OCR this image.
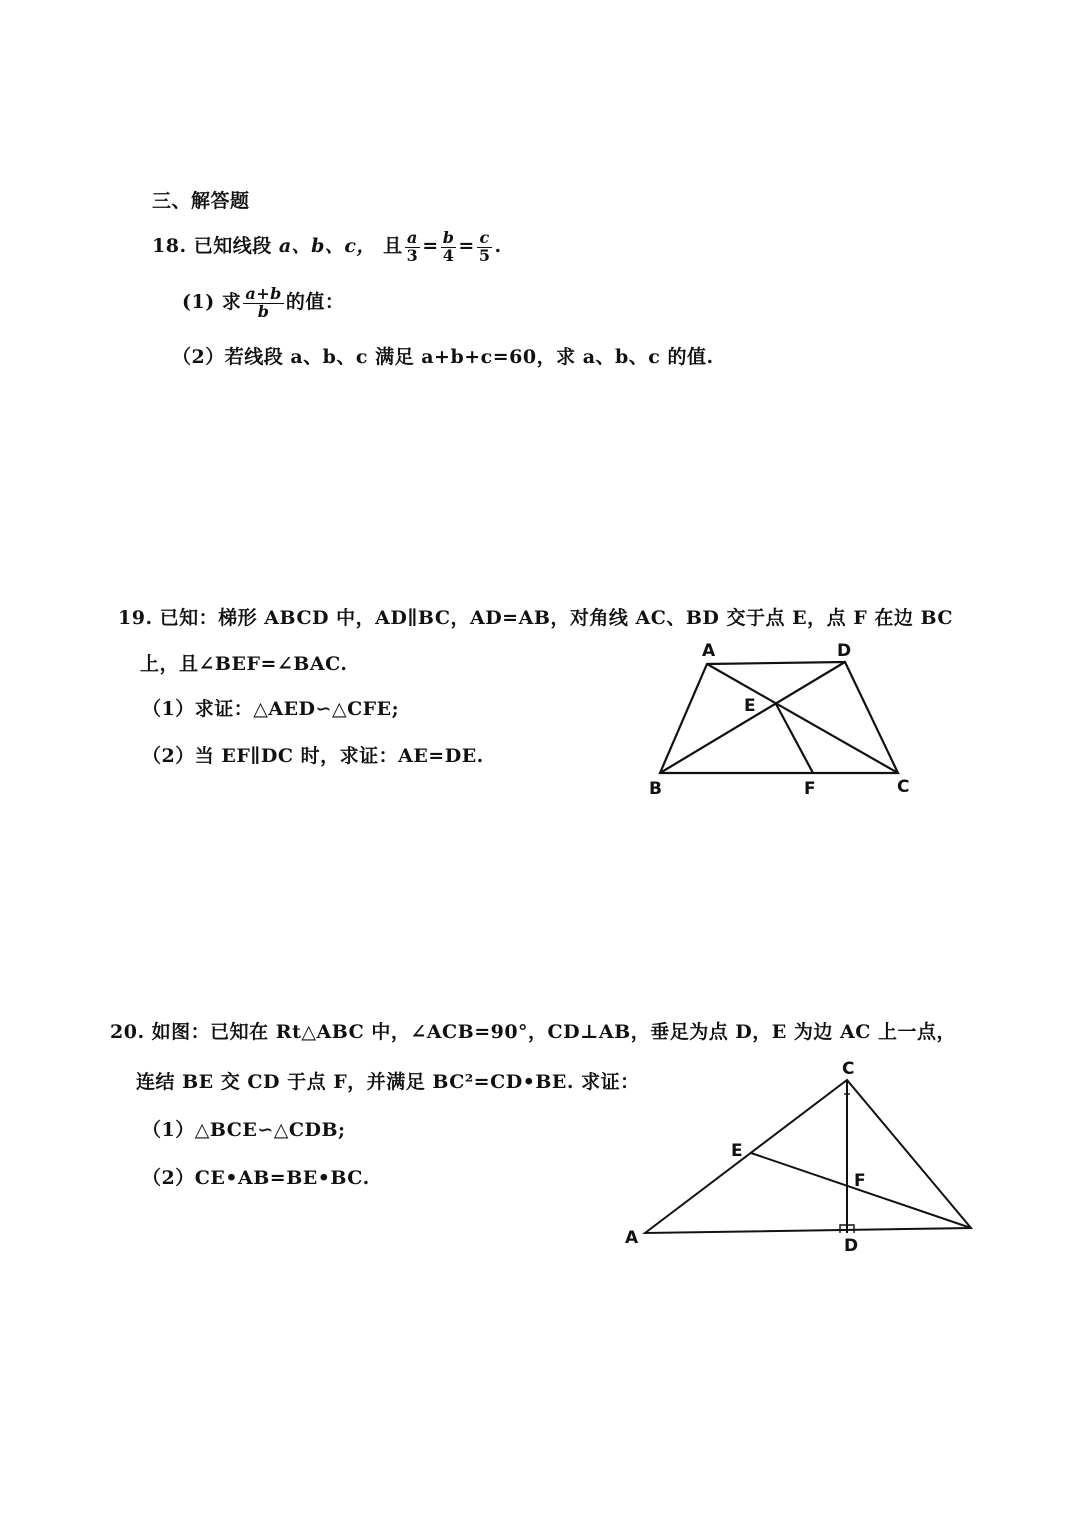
三、解答题
18. 已知线段 a、b、c， 且 $\frac{a}{3} = \frac{b}{4} = \frac{c}{5}$ .
(1) 求 $\frac{a+b}{b}$ 的值：
（2）若线段 a、b、c 满足 a+b+c=60，求 a、b、c 的值.
19. 已知：梯形 ABCD 中，AD∥BC，AD=AB，对角线 AC、BD 交于点 E，点 F 在边 BC
上，且∠BEF=∠BAC.
（1）求证：△AED∽△CFE;
（2）当 EF∥DC 时，求证：AE=DE.
A	D
E
B	F	C
20. 如图：已知在 Rt△ABC 中，∠ACB=90°，CD⊥AB，垂足为点 D，E 为边 AC 上一点，
连结 BE 交 CD 于点 F，并满足 BC²=CD•BE. 求证：
（1）△BCE∽△CDB;
（2）CE•AB=BE•BC.
C
E
F
A	D
